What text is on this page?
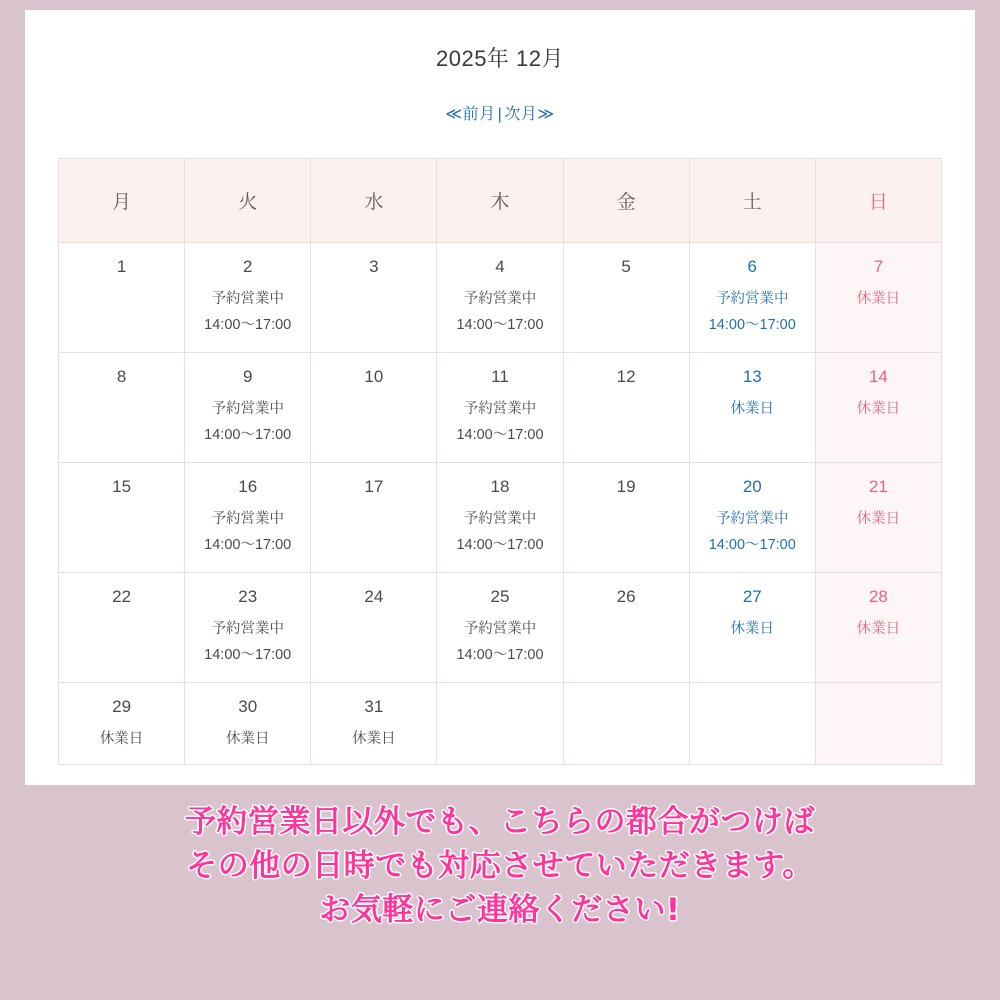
2025年 12月
≪前月 | 次月≫
月	火	水	木	金	土	日

1	2
予約営業中
14:00〜17:00	3	4
予約営業中
14:00〜17:00	5	6
予約営業中
14:00〜17:00	7
休業日

8	9
予約営業中
14:00〜17:00	10	11
予約営業中
14:00〜17:00	12	13
休業日	14
休業日

15	16
予約営業中
14:00〜17:00	17	18
予約営業中
14:00〜17:00	19	20
予約営業中
14:00〜17:00	21
休業日

22	23
予約営業中
14:00〜17:00	24	25
予約営業中
14:00〜17:00	26	27
休業日	28
休業日

29
休業日	30
休業日	31
休業日				

予約営業日以外でも、こちらの都合がつけば
その他の日時でも対応させていただきます。
お気軽にご連絡ください!
